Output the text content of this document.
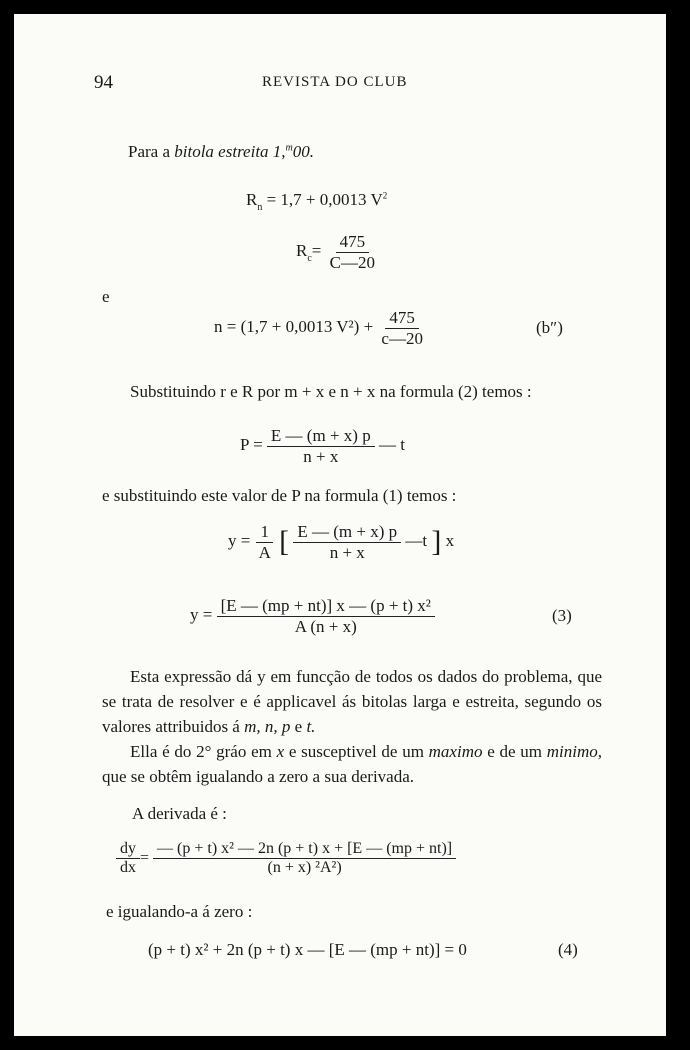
94	REVISTA DO CLUB
Para a bitola estreita 1,$^m$00.
$R_n = 1,7 + 0,0013$ $V^2$
$R_c= \frac{475}{C—20}$
e
n = (1,7 + 0,0013 $V^2) + \frac{475}{c—20}$	(b″)
Substituindo r e R por m + x e n + x na formula (2) temos :
$P = \frac{E — (m + x) p}{n + x}$ — t
e substituindo este valor de P na formula (1) temos :
$y = \frac{1}{A}$ [ $\frac{E — (m + x) p}{n + x}$ —t ] x
$y = \frac{\text{[E — (mp + nt)] x — (p + t) x²}}{A (n + x)}$	(3)

Esta expressão dá y em funcção de todos os dados do problema, que se trata de resolver e é applicavel ás bitolas larga e estreita, segundo os valores attribuidos á m, n, p e t.

Ella é do 2° gráo em x e susceptivel de um maximo e de um minimo, que se obtêm igualando a zero a sua derivada.

A derivada é :
$\frac{dy}{dx} = \frac{\text{— (p + t) x² — 2n (p + t) x + [E — (mp + nt)]}}{\text{(n + x) ²A²)}}$
e igualando-a á zero :
(p + t) x² + 2n (p + t) x — [E — (mp + nt)] = 0	(4)
